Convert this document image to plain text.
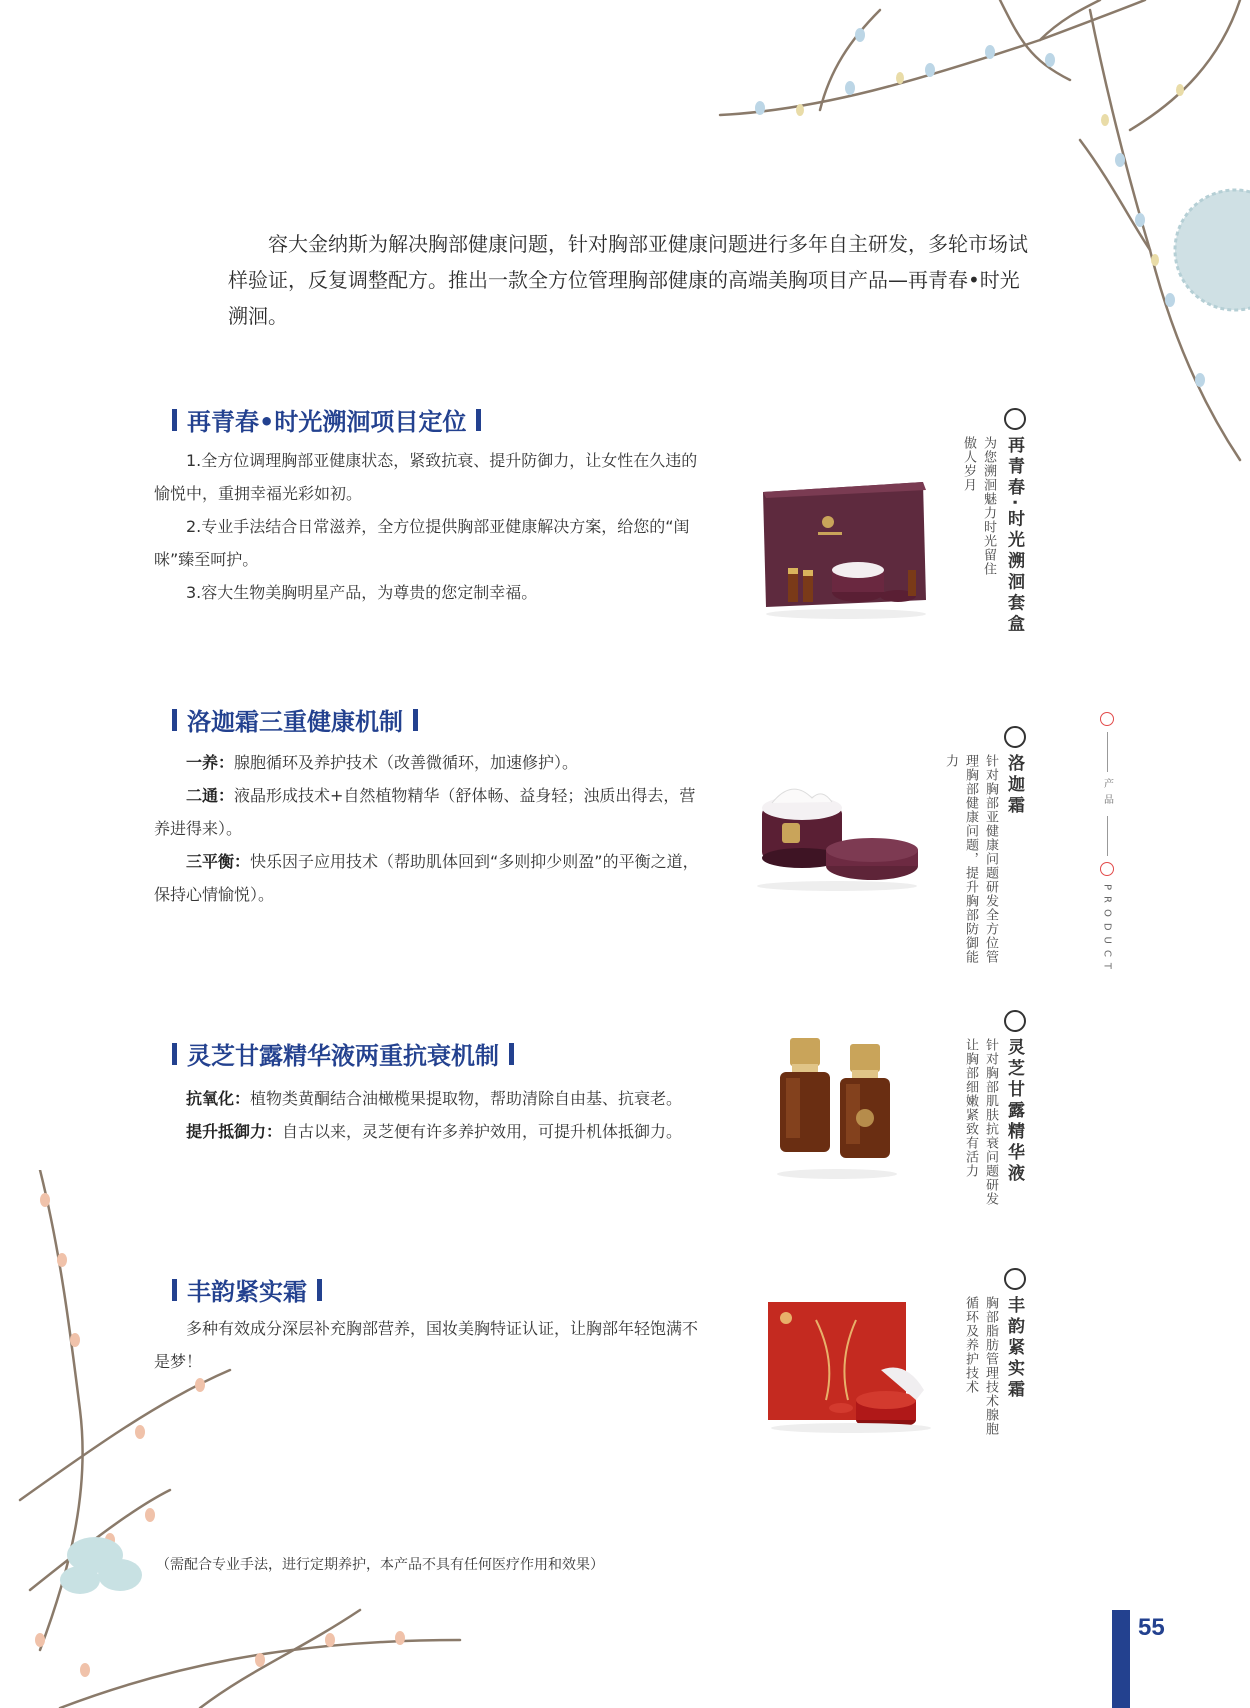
容大金纳斯为解决胸部健康问题，针对胸部亚健康问题进行多年自主研发，多轮市场试样验证，反复调整配方。推出一款全方位管理胸部健康的高端美胸项目产品—再青春•时光溯洄。

再青春•时光溯洄项目定位

1.全方位调理胸部亚健康状态，紧致抗衰、提升防御力，让女性在久违的愉悦中，重拥幸福光彩如初。

2.专业手法结合日常滋养，全方位提供胸部亚健康解决方案，给您的“闺咪”臻至呵护。

3.容大生物美胸明星产品，为尊贵的您定制幸福。	再青春·时光溯洄套盒
为您溯洄魅力时光留住傲人岁月
洛迦霜三重健康机制

一养：腺胞循环及养护技术（改善微循环，加速修护）。

二通：液晶形成技术+自然植物精华（舒体畅、益身轻；浊质出得去，营养进得来）。

三平衡：快乐因子应用技术（帮助肌体回到“多则抑少则盈”的平衡之道，保持心情愉悦）。

洛迦霜
针对胸部亚健康问题研发全方位管理胸部健康问题，提升胸部防御能力
灵芝甘露精华液两重抗衰机制

抗氧化：植物类黄酮结合油橄榄果提取物，帮助清除自由基、抗衰老。

提升抵御力：自古以来，灵芝便有许多养护效用，可提升机体抵御力。	灵芝甘露精华液
针对胸部肌肤抗衰问题研发让胸部细嫩紧致有活力
丰韵紧实霜

多种有效成分深层补充胸部营养，国妆美胸特证认证，让胸部年轻饱满不是梦！	丰韵紧实霜
胸部脂肪管理技术腺胞循环及养护技术
产品
PRODUCT
（需配合专业手法，进行定期养护，本产品不具有任何医疗作用和效果）
55
